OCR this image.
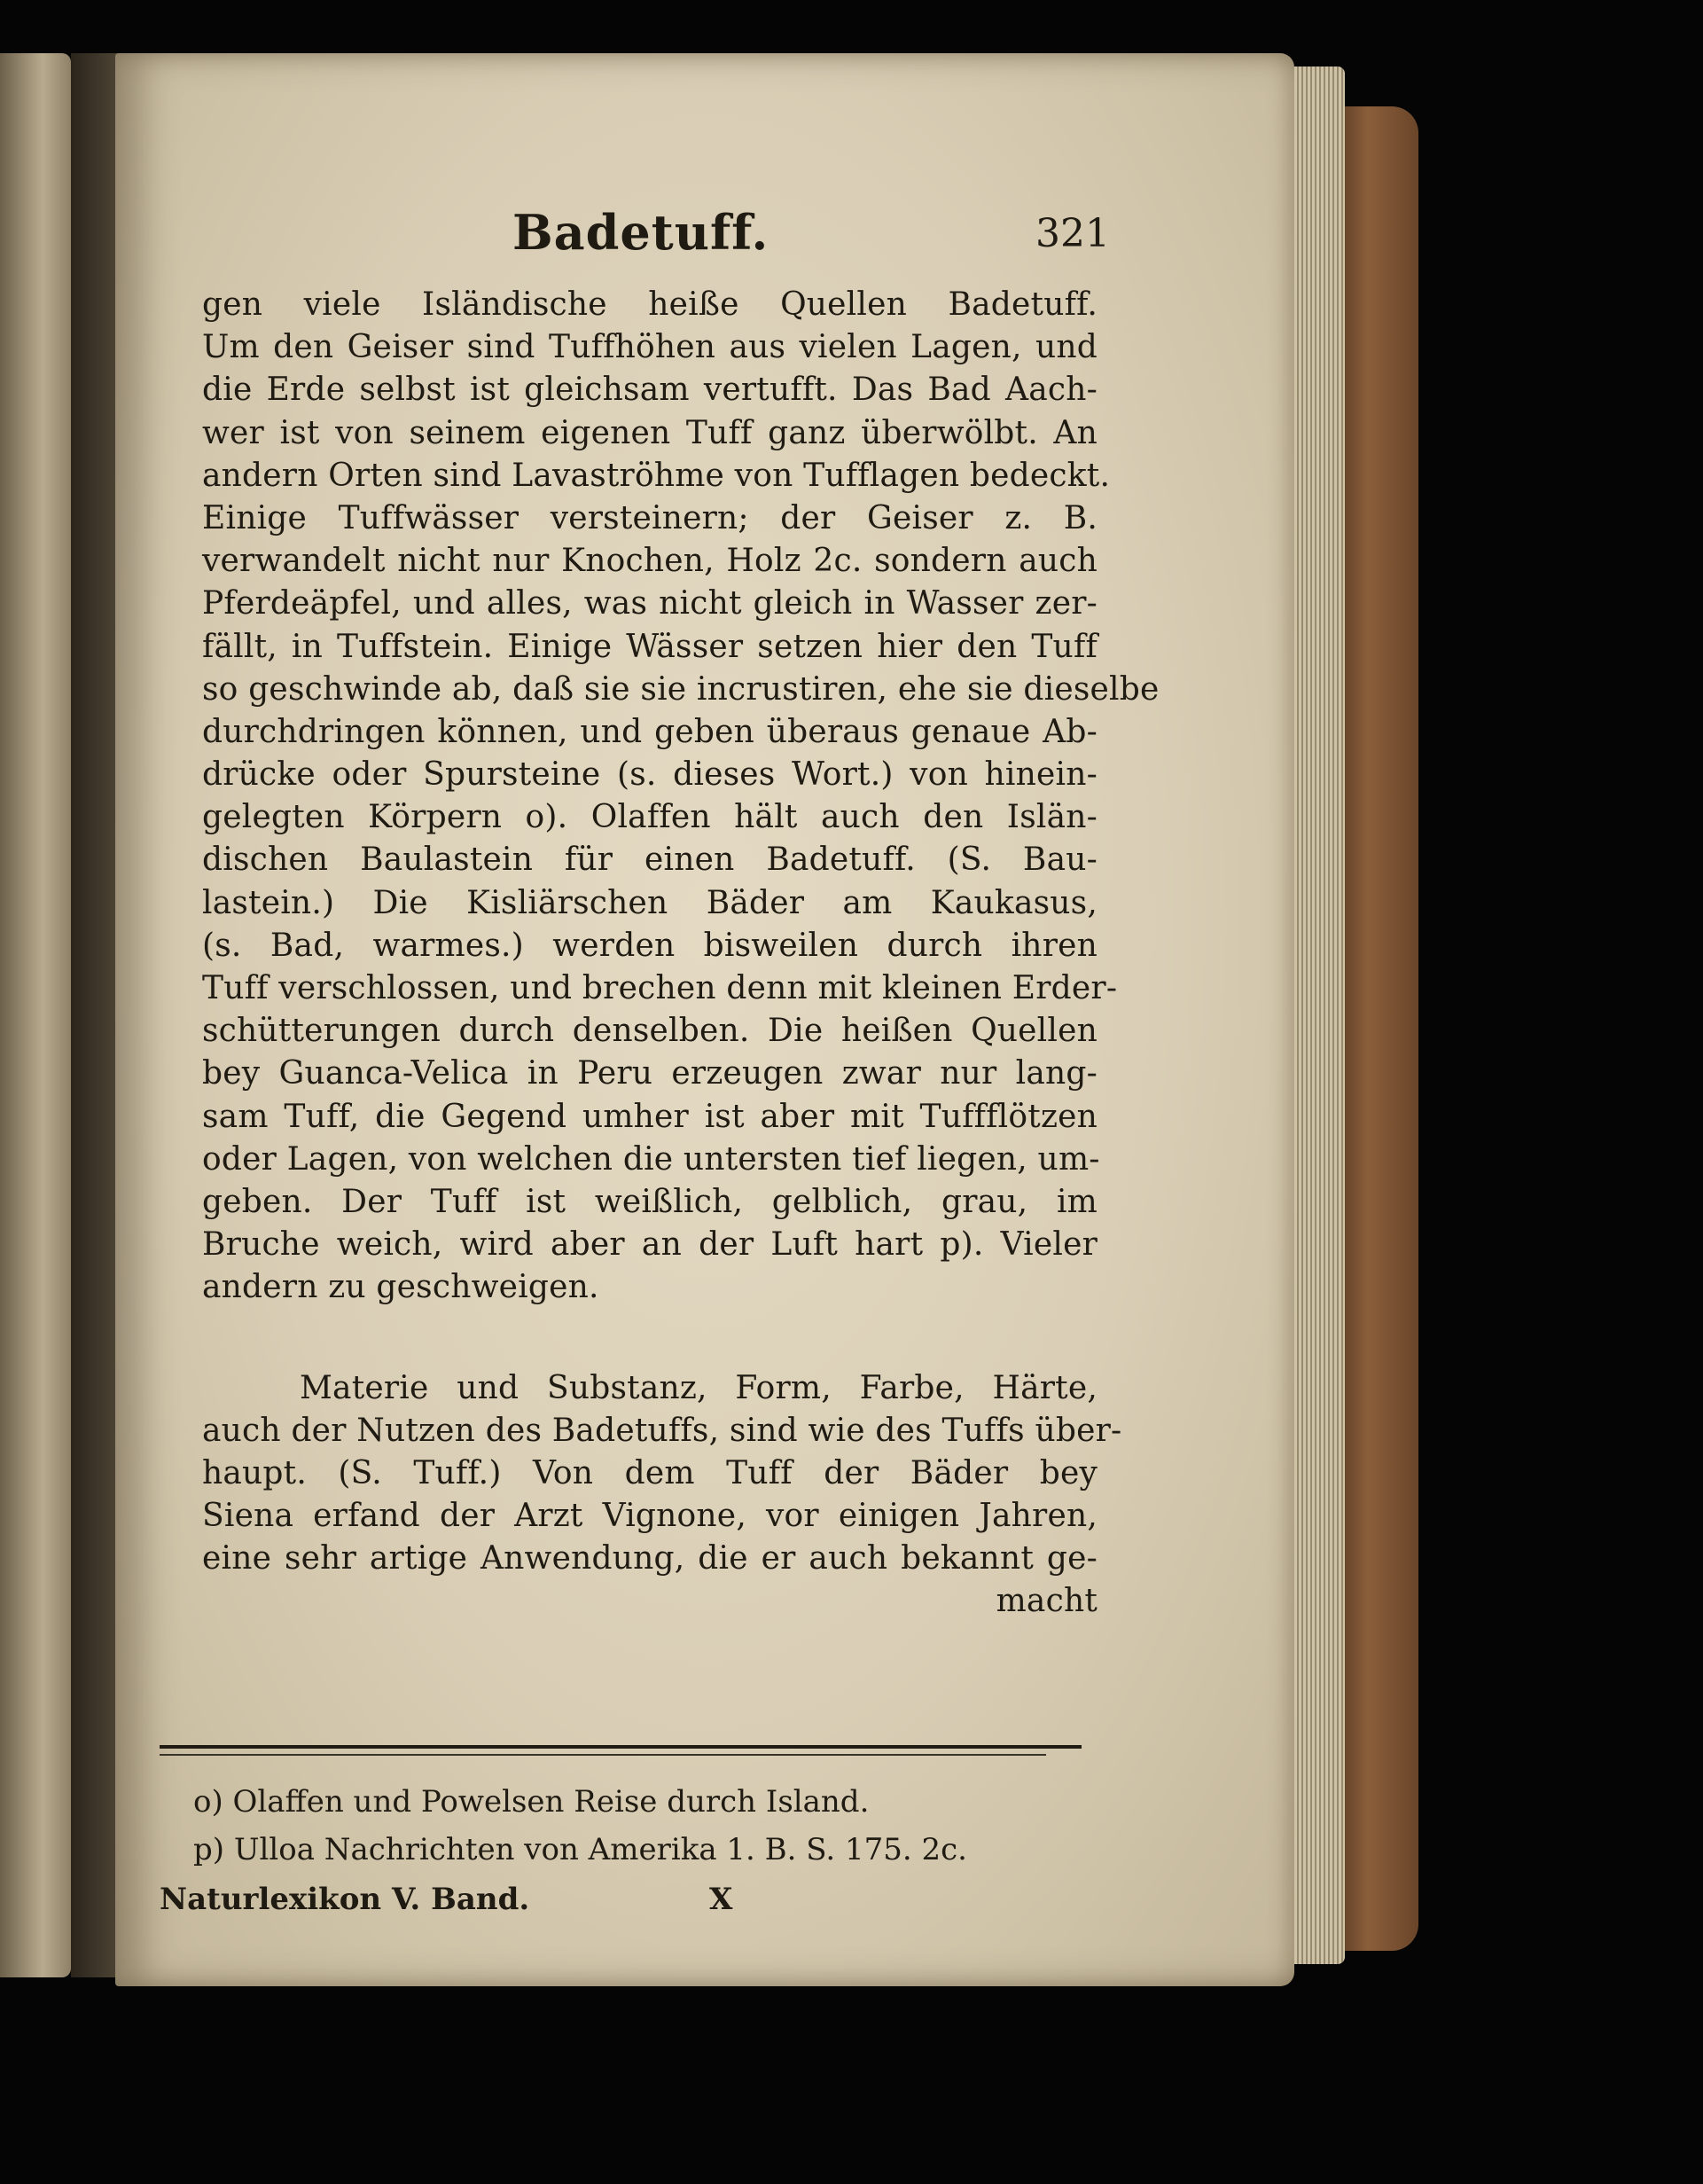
Badetuff.	321
gen viele Isländische heiße Quellen Badetuff.
Um den Geiser sind Tuffhöhen aus vielen Lagen, und
die Erde selbst ist gleichsam vertufft. Das Bad Aach-
wer ist von seinem eigenen Tuff ganz überwölbt. An
andern Orten sind Lavaströhme von Tufflagen bedeckt.
Einige Tuffwässer versteinern; der Geiser z. B.
verwandelt nicht nur Knochen, Holz 2c. sondern auch
Pferdeäpfel, und alles, was nicht gleich in Wasser zer-
fällt, in Tuffstein. Einige Wässer setzen hier den Tuff
so geschwinde ab, daß sie sie incrustiren, ehe sie dieselbe
durchdringen können, und geben überaus genaue Ab-
drücke oder Spursteine (s. dieses Wort.) von hinein-
gelegten Körpern o). Olaffen hält auch den Islän-
dischen Baulastein für einen Badetuff. (S. Bau-
lastein.) Die Kisliärschen Bäder am Kaukasus,
(s. Bad, warmes.) werden bisweilen durch ihren
Tuff verschlossen, und brechen denn mit kleinen Erder-
schütterungen durch denselben. Die heißen Quellen
bey Guanca-Velica in Peru erzeugen zwar nur lang-
sam Tuff, die Gegend umher ist aber mit Tuffflötzen
oder Lagen, von welchen die untersten tief liegen, um-
geben. Der Tuff ist weißlich, gelblich, grau, im
Bruche weich, wird aber an der Luft hart p). Vieler
andern zu geschweigen.
Materie und Substanz, Form, Farbe, Härte,
auch der Nutzen des Badetuffs, sind wie des Tuffs über-
haupt. (S. Tuff.) Von dem Tuff der Bäder bey
Siena erfand der Arzt Vignone, vor einigen Jahren,
eine sehr artige Anwendung, die er auch bekannt ge-
macht
o) Olaffen und Powelsen Reise durch Island.
p) Ulloa Nachrichten von Amerika 1. B. S. 175. 2c.
Naturlexikon V. Band.	X
